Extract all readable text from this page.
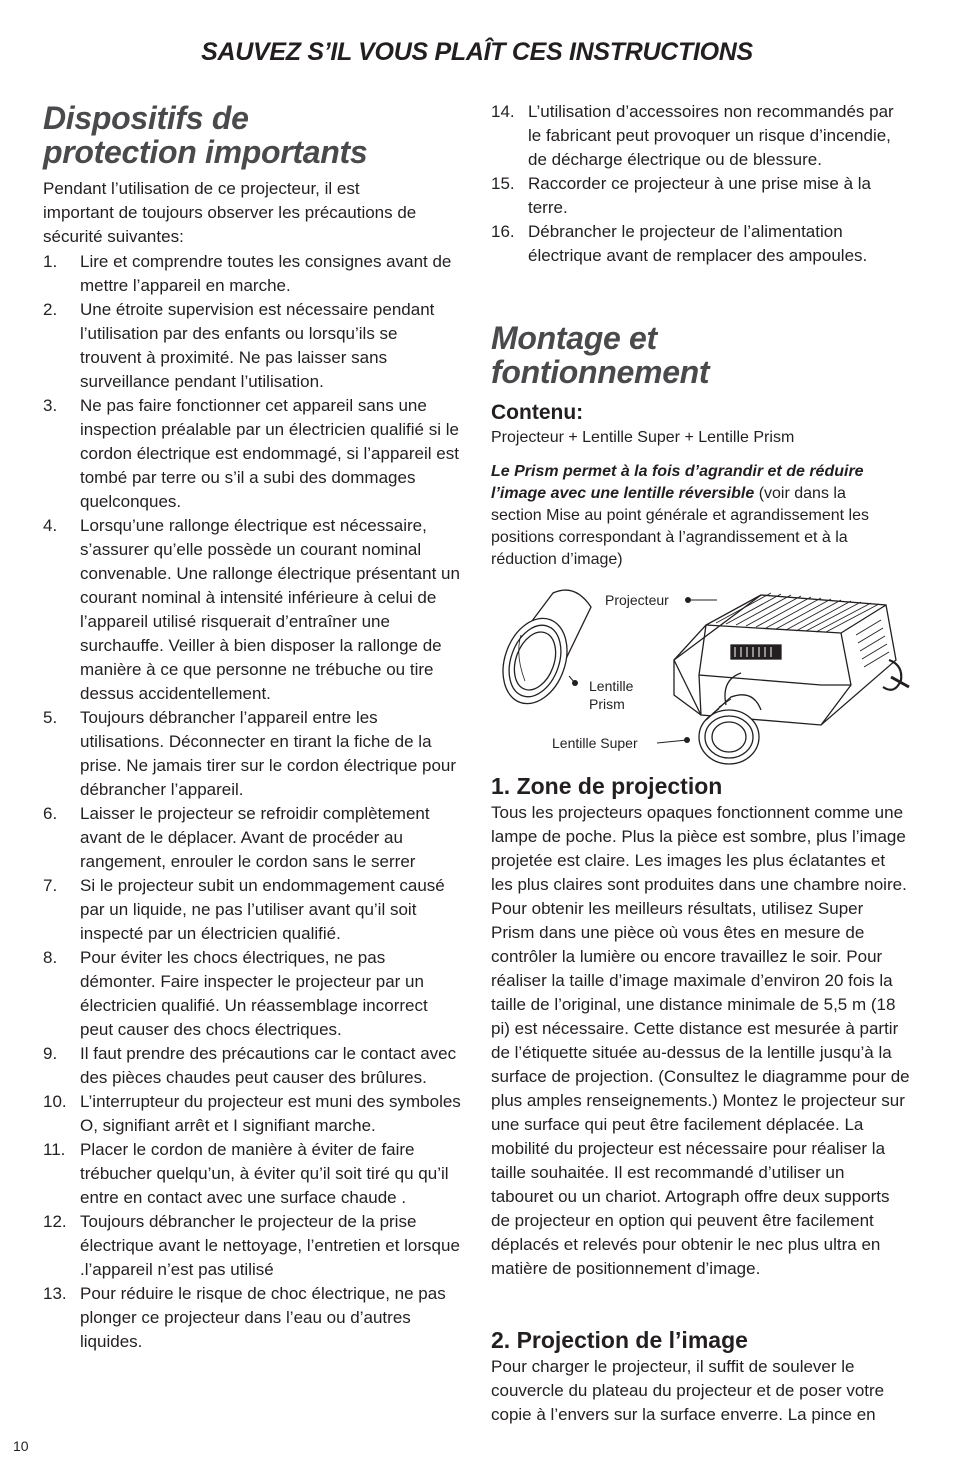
SAUVEZ S’IL VOUS PLAÎT CES INSTRUCTIONS
Dispositifs de
protection importants

Pendant l’utilisation de ce projecteur, il est important de toujours observer les précautions de sécurité suivantes:

1. Lire et comprendre toutes les consignes avant de mettre l’appareil en marche.
2. Une étroite supervision est nécessaire pendant l’utilisation par des enfants ou lorsqu’ils se trouvent à proximité. Ne pas laisser sans surveillance pendant l’utilisation.
3. Ne pas faire fonctionner cet appareil sans une inspection préalable par un électricien qualifié si le cordon électrique est endommagé, si l’appareil est tombé par terre ou s’il a subi des dommages quelconques.
4. Lorsqu’une rallonge électrique est nécessaire, s’assurer qu’elle possède un courant nominal convenable. Une rallonge électrique présentant un courant nominal à intensité inférieure à celui de l’appareil utilisé risquerait d’entraîner une surchauffe. Veiller à bien disposer la rallonge de manière à ce que personne ne trébuche ou tire dessus accidentellement.
5. Toujours débrancher l’appareil entre les utilisations. Déconnecter en tirant la fiche de la prise. Ne jamais tirer sur le cordon électrique pour débrancher l’appareil.
6. Laisser le projecteur se refroidir complètement avant de le déplacer. Avant de procéder au rangement, enrouler le cordon sans le serrer
7. Si le projecteur subit un endommagement causé par un liquide, ne pas l’utiliser avant qu’il soit inspecté par un électricien qualifié.
8. Pour éviter les chocs électriques, ne pas démonter. Faire inspecter le projecteur par un électricien qualifié. Un réassemblage incorrect peut causer des chocs électriques.
9. Il faut prendre des précautions car le contact avec des pièces chaudes peut causer des brûlures.
10. L’interrupteur du projecteur est muni des symboles O, signifiant arrêt et I signifiant marche.
11. Placer le cordon de manière à éviter de faire trébucher quelqu’un, à éviter qu’il soit tiré qu qu’il entre en contact avec une surface chaude .
12. Toujours débrancher le projecteur de la prise électrique avant le nettoyage, l’entretien et lorsque .l’appareil n’est pas utilisé
13. Pour réduire le risque de choc électrique, ne pas plonger ce projecteur dans l’eau ou d’autres liquides.
14. L’utilisation d’accessoires non recommandés par le fabricant peut provoquer un risque d’incendie, de décharge électrique ou de blessure.
15. Raccorder ce projecteur à une prise mise à la terre.
16. Débrancher le projecteur de l’alimentation électrique avant de remplacer des ampoules.
Montage et
fontionnement
Contenu:

Projecteur + Lentille Super + Lentille Prism

Le Prism permet à la fois d’agrandir et de réduire l’image avec une lentille réversible (voir dans la section Mise au point générale et agrandissement les positions correspondant à l’agrandissement et à la réduction d’image)

Projecteur
Lentille
Prism
Lentille Super
1. Zone de projection

Tous les projecteurs opaques fonctionnent comme une lampe de poche. Plus la pièce est sombre, plus l’image projetée est claire. Les images les plus éclatantes et les plus claires sont produites dans une chambre noire. Pour obtenir les meilleurs résultats, utilisez Super Prism dans une pièce où vous êtes en mesure de contrôler la lumière ou encore travaillez le soir. Pour réaliser la taille d’image maximale d’environ 20 fois la taille de l’original, une distance minimale de 5,5 m (18 pi) est nécessaire. Cette distance est mesurée à partir de l’étiquette située au-dessus de la lentille jusqu’à la surface de projection. (Consultez le diagramme pour de plus amples renseignements.) Montez le projecteur sur une surface qui peut être facilement déplacée. La mobilité du projecteur est nécessaire pour réaliser la taille souhaitée. Il est recommandé d’utiliser un tabouret ou un chariot. Artograph offre deux supports de projecteur en option qui peuvent être facilement déplacés et relevés pour obtenir le nec plus ultra en matière de positionnement d’image.

2. Projection de l’image

Pour charger le projecteur, il suffit de soulever le couvercle du plateau du projecteur et de poser votre copie à l’envers sur la surface enverre. La pince en

10
